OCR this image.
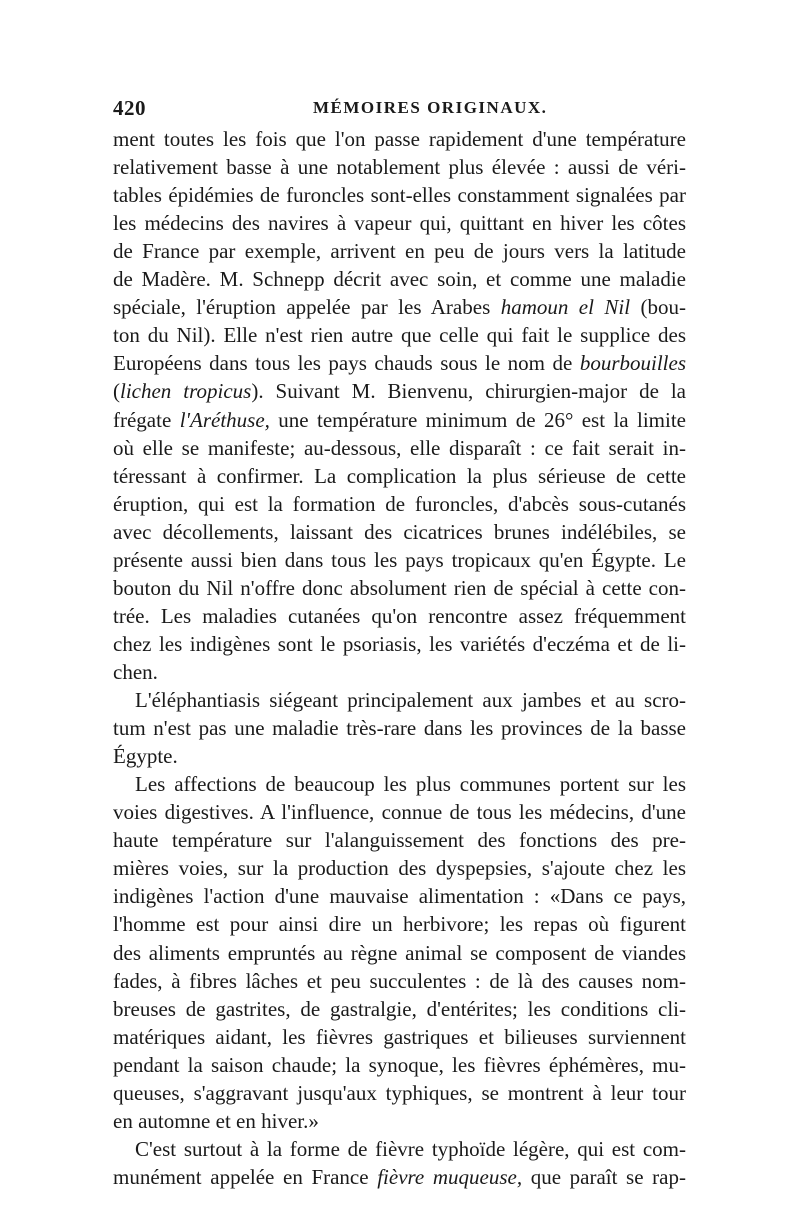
420	MÉMOIRES ORIGINAUX.
ment toutes les fois que l'on passe rapidement d'une température
relativement basse à une notablement plus élevée : aussi de véri-
tables épidémies de furoncles sont-elles constamment signalées par
les médecins des navires à vapeur qui, quittant en hiver les côtes
de France par exemple, arrivent en peu de jours vers la latitude
de Madère. M. Schnepp décrit avec soin, et comme une maladie
spéciale, l'éruption appelée par les Arabes hamoun el Nil (bou-
ton du Nil). Elle n'est rien autre que celle qui fait le supplice des
Européens dans tous les pays chauds sous le nom de bourbouilles
(lichen tropicus). Suivant M. Bienvenu, chirurgien-major de la
frégate l'Aréthuse, une température minimum de 26° est la limite
où elle se manifeste; au-dessous, elle disparaît : ce fait serait in-
téressant à confirmer. La complication la plus sérieuse de cette
éruption, qui est la formation de furoncles, d'abcès sous-cutanés
avec décollements, laissant des cicatrices brunes indélébiles, se
présente aussi bien dans tous les pays tropicaux qu'en Égypte. Le
bouton du Nil n'offre donc absolument rien de spécial à cette con-
trée. Les maladies cutanées qu'on rencontre assez fréquemment
chez les indigènes sont le psoriasis, les variétés d'eczéma et de li-
chen.
L'éléphantiasis siégeant principalement aux jambes et au scro-
tum n'est pas une maladie très-rare dans les provinces de la basse
Égypte.
Les affections de beaucoup les plus communes portent sur les
voies digestives. A l'influence, connue de tous les médecins, d'une
haute température sur l'alanguissement des fonctions des pre-
mières voies, sur la production des dyspepsies, s'ajoute chez les
indigènes l'action d'une mauvaise alimentation : «Dans ce pays,
l'homme est pour ainsi dire un herbivore; les repas où figurent
des aliments empruntés au règne animal se composent de viandes
fades, à fibres lâches et peu succulentes : de là des causes nom-
breuses de gastrites, de gastralgie, d'entérites; les conditions cli-
matériques aidant, les fièvres gastriques et bilieuses surviennent
pendant la saison chaude; la synoque, les fièvres éphémères, mu-
queuses, s'aggravant jusqu'aux typhiques, se montrent à leur tour
en automne et en hiver.»
C'est surtout à la forme de fièvre typhoïde légère, qui est com-
munément appelée en France fièvre muqueuse, que paraît se rap-
